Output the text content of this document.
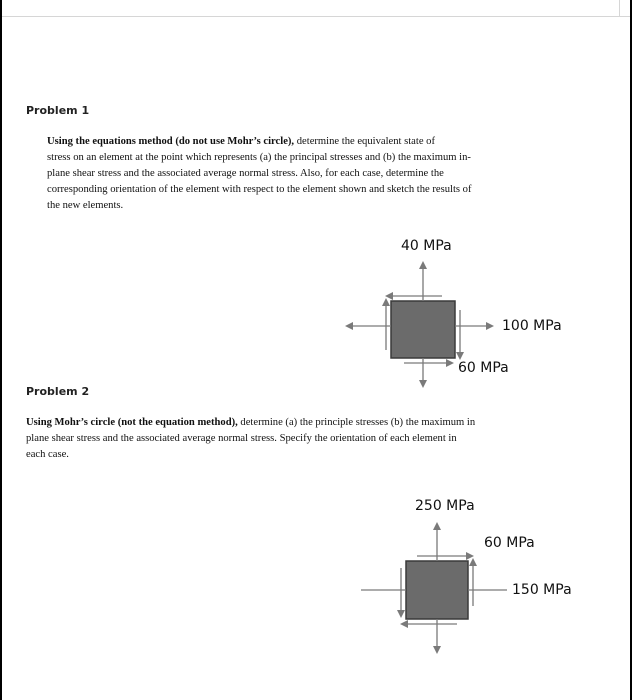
Problem 1
Using the equations method (do not use Mohr’s circle), determine the equivalent state of
stress on an element at the point which represents (a) the principal stresses and (b) the maximum in-
plane shear stress and the associated average normal stress. Also, for each case, determine the
corresponding orientation of the element with respect to the element shown and sketch the results of
the new elements.
40 MPa
100 MPa
60 MPa
Problem 2
Using Mohr’s circle (not the equation method), determine (a) the principle stresses (b) the maximum in
plane shear stress and the associated average normal stress. Specify the orientation of each element in
each case.
250 MPa
60 MPa
150 MPa
